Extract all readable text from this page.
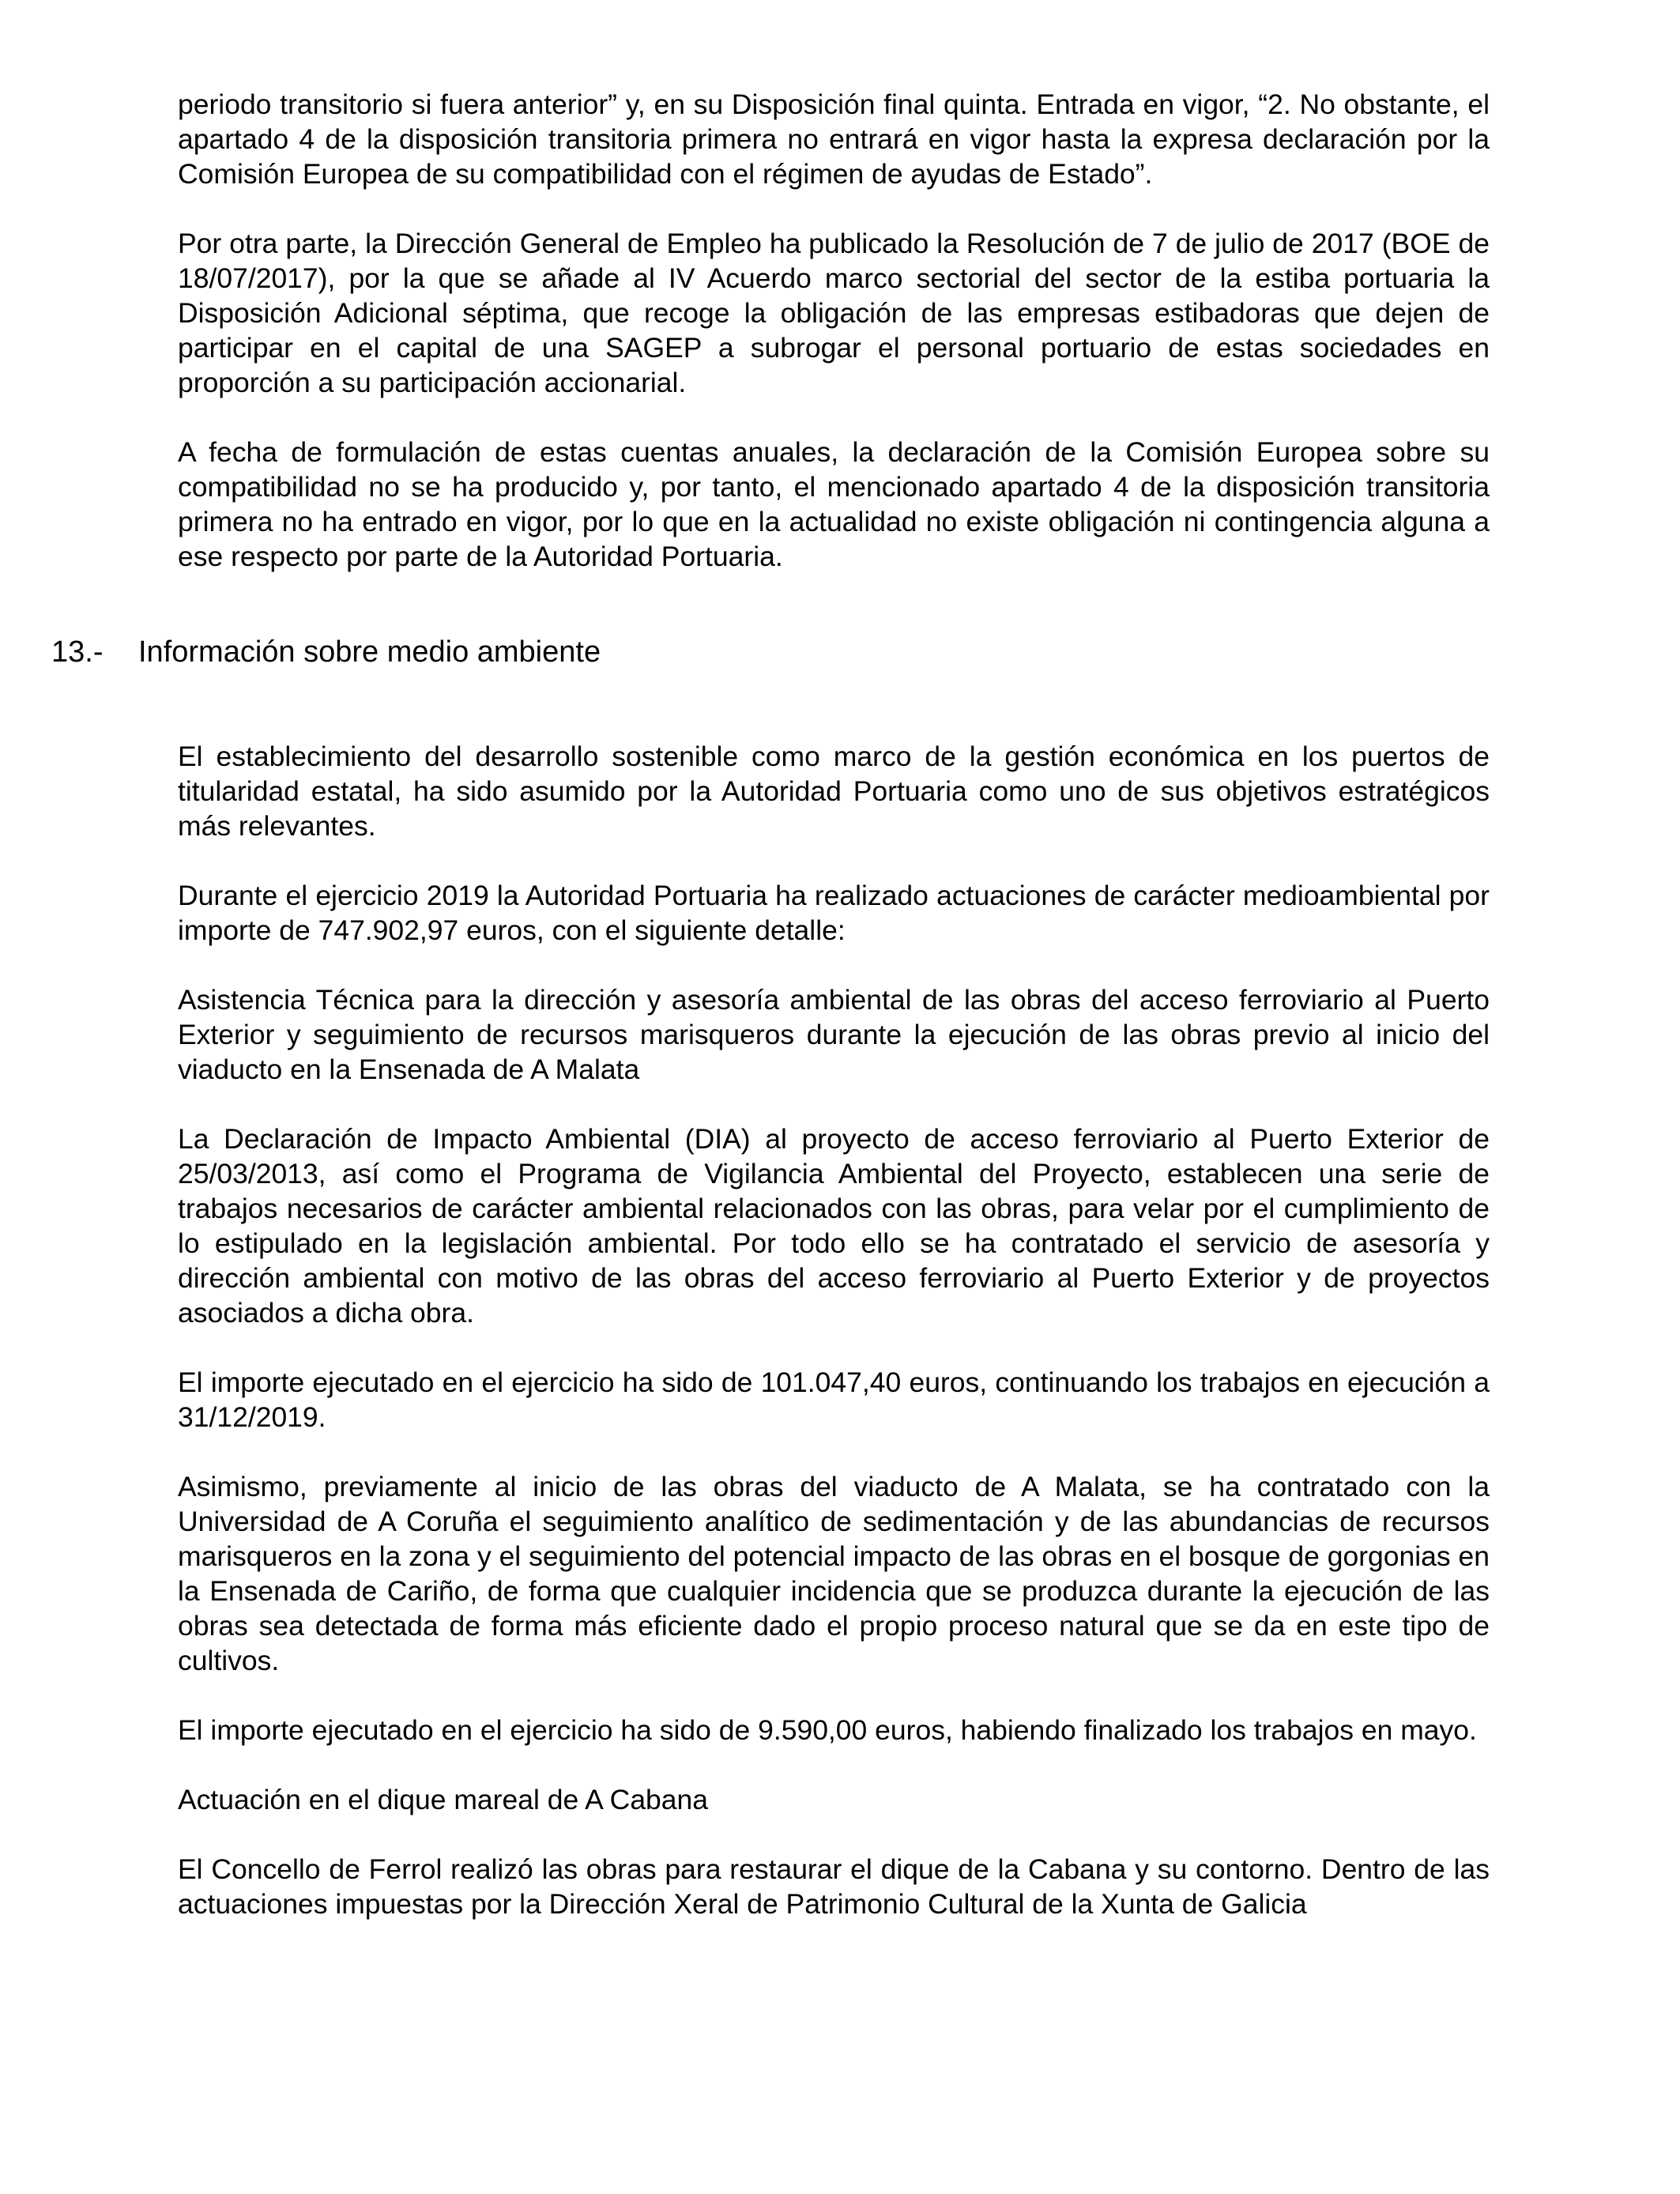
periodo transitorio si fuera anterior” y, en su Disposición final quinta. Entrada en vigor, “2. No obstante, el apartado 4 de la disposición transitoria primera no entrará en vigor hasta la expresa declaración por la Comisión Europea de su compatibilidad con el régimen de ayudas de Estado”.

Por otra parte, la Dirección General de Empleo ha publicado la Resolución de 7 de julio de 2017 (BOE de 18/07/2017), por la que se añade al IV Acuerdo marco sectorial del sector de la estiba portuaria la Disposición Adicional séptima, que recoge la obligación de las empresas estibadoras que dejen de participar en el capital de una SAGEP a subrogar el personal portuario de estas sociedades en proporción a su participación accionarial.

A fecha de formulación de estas cuentas anuales, la declaración de la Comisión Europea sobre su compatibilidad no se ha producido y, por tanto, el mencionado apartado 4 de la disposición transitoria primera no ha entrado en vigor, por lo que en la actualidad no existe obligación ni contingencia alguna a ese respecto por parte de la Autoridad Portuaria.

13.-	Información sobre medio ambiente

El establecimiento del desarrollo sostenible como marco de la gestión económica en los puertos de titularidad estatal, ha sido asumido por la Autoridad Portuaria como uno de sus objetivos estratégicos más relevantes.

Durante el ejercicio 2019 la Autoridad Portuaria ha realizado actuaciones de carácter medioambiental por importe de 747.902,97 euros, con el siguiente detalle:

Asistencia Técnica para la dirección y asesoría ambiental de las obras del acceso ferroviario al Puerto Exterior y seguimiento de recursos marisqueros durante la ejecución de las obras previo al inicio del viaducto en la Ensenada de A Malata

La Declaración de Impacto Ambiental (DIA) al proyecto de acceso ferroviario al Puerto Exterior de 25/03/2013, así como el Programa de Vigilancia Ambiental del Proyecto, establecen una serie de trabajos necesarios de carácter ambiental relacionados con las obras, para velar por el cumplimiento de lo estipulado en la legislación ambiental. Por todo ello se ha contratado el servicio de asesoría y dirección ambiental con motivo de las obras del acceso ferroviario al Puerto Exterior y de proyectos asociados a dicha obra.

El importe ejecutado en el ejercicio ha sido de 101.047,40 euros, continuando los trabajos en ejecución a 31/12/2019.

Asimismo, previamente al inicio de las obras del viaducto de A Malata, se ha contratado con la Universidad de A Coruña el seguimiento analítico de sedimentación y de las abundancias de recursos marisqueros en la zona y el seguimiento del potencial impacto de las obras en el bosque de gorgonias en la Ensenada de Cariño, de forma que cualquier incidencia que se produzca durante la ejecución de las obras sea detectada de forma más eficiente dado el propio proceso natural que se da en este tipo de cultivos.

El importe ejecutado en el ejercicio ha sido de 9.590,00 euros, habiendo finalizado los trabajos en mayo.

Actuación en el dique mareal de A Cabana

El Concello de Ferrol realizó las obras para restaurar el dique de la Cabana y su contorno. Dentro de las actuaciones impuestas por la Dirección Xeral de Patrimonio Cultural de la Xunta de Galicia
